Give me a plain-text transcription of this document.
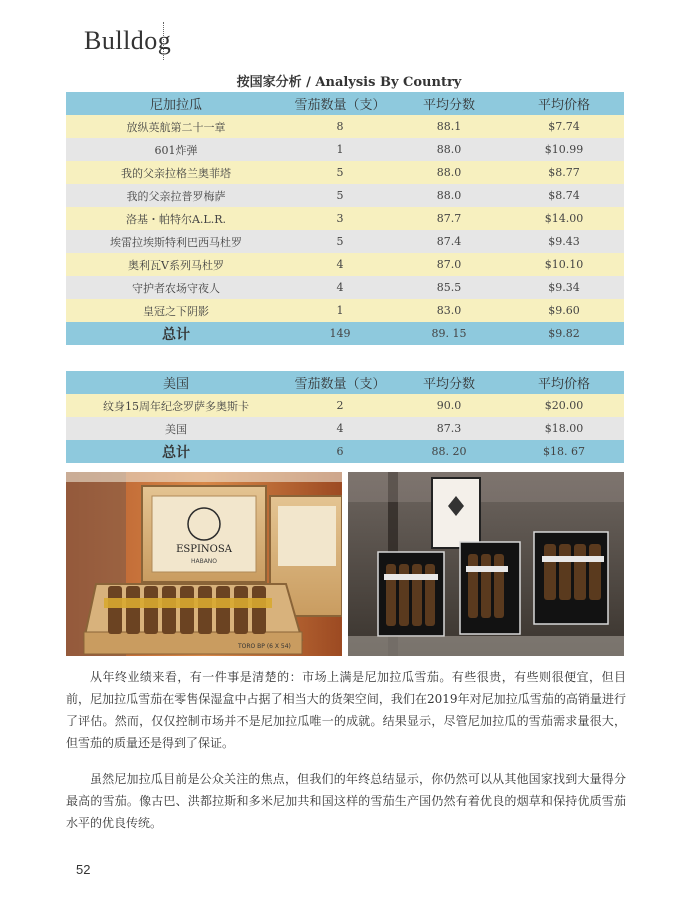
Bulldog
按国家分析 / Analysis By Country
尼加拉瓜	雪茄数量（支）	平均分数	平均价格
放纵英航第二十一章	8	88.1	$7.74
601炸弹	1	88.0	$10.99
我的父亲拉格兰奥菲塔	5	88.0	$8.77
我的父亲拉普罗梅萨	5	88.0	$8.74
洛基・帕特尔A.L.R.	3	87.7	$14.00
埃雷拉埃斯特利巴西马杜罗	5	87.4	$9.43
奥利瓦V系列马杜罗	4	87.0	$10.10
守护者农场守夜人	4	85.5	$9.34
皇冠之下阴影	1	83.0	$9.60
总计	149	89. 15	$9.82
美国	雪茄数量（支）	平均分数	平均价格
纹身15周年纪念罗萨多奥斯卡	2	90.0	$20.00
美国	4	87.3	$18.00
总计	6	88. 20	$18. 67
ESPINOSA
HABANO
TORO BP (6 X 54)

从年终业绩来看，有一件事是清楚的：市场上满是尼加拉瓜雪茄。有些很贵，有些则很便宜，但目前，尼加拉瓜雪茄在零售保湿盒中占据了相当大的货架空间，我们在2019年对尼加拉瓜雪茄的高销量进行了评估。然而，仅仅控制市场并不是尼加拉瓜唯一的成就。结果显示，尽管尼加拉瓜的雪茄需求量很大，但雪茄的质量还是得到了保证。

虽然尼加拉瓜目前是公众关注的焦点，但我们的年终总结显示，你仍然可以从其他国家找到大量得分最高的雪茄。像古巴、洪都拉斯和多米尼加共和国这样的雪茄生产国仍然有着优良的烟草和保持优质雪茄水平的优良传统。

52
